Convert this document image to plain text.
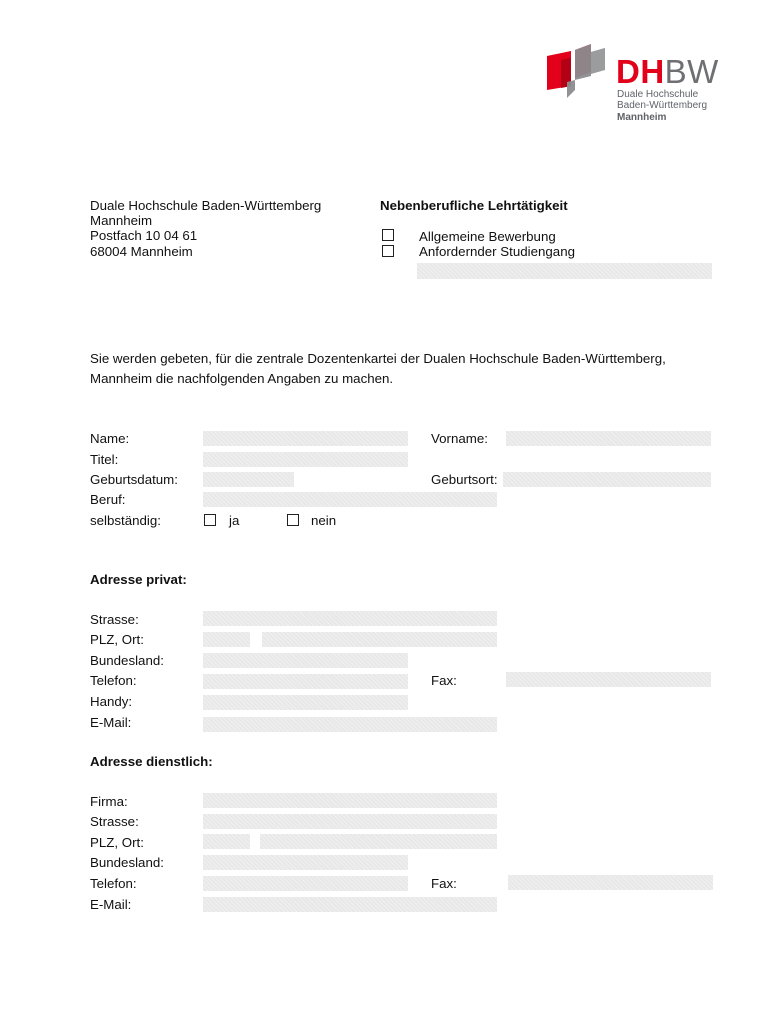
DHBW
Duale Hochschule
Baden-Württemberg
Mannheim
Duale Hochschule Baden-Württemberg
Mannheim
Postfach 10 04 61
68004 Mannheim
Nebenberufliche Lehrtätigkeit
Allgemeine Bewerbung
Anfordernder Studiengang
Sie werden gebeten, für die zentrale Dozentenkartei der Dualen Hochschule Baden-Württemberg,
Mannheim die nachfolgenden Angaben zu machen.
Name:	Vorname:
Titel:
Geburtsdatum:	Geburtsort:
Beruf:
selbständig:	ja	nein
Adresse privat:
Strasse:
PLZ, Ort:
Bundesland:
Telefon:	Fax:
Handy:
E-Mail:
Adresse dienstlich:
Firma:
Strasse:
PLZ, Ort:
Bundesland:
Telefon:	Fax:
E-Mail:
